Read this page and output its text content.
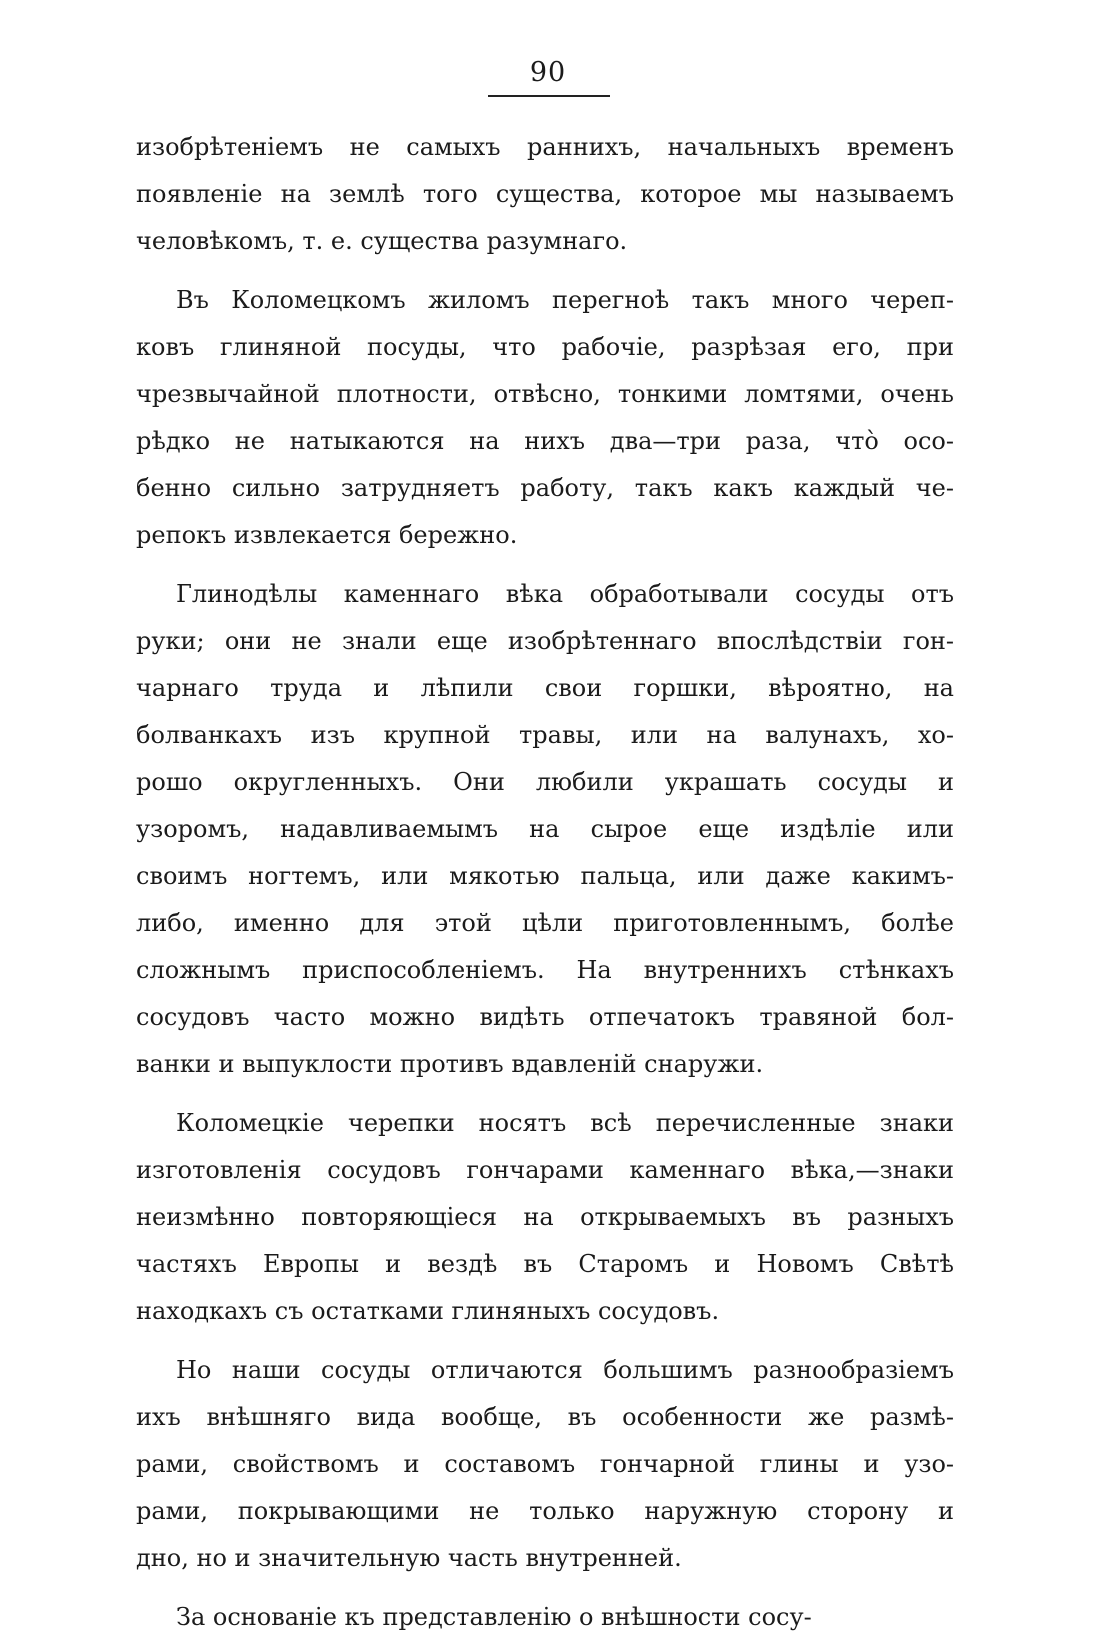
90
изобрѣтеніемъ не самыхъ раннихъ, начальныхъ временъ
появленіе на землѣ того существа, которое мы называемъ
человѣкомъ, т. е. существа разумнаго.
Въ Коломецкомъ жиломъ перегноѣ такъ много череп-
ковъ глиняной посуды, что рабочіе, разрѣзая его, при
чрезвычайной плотности, отвѣсно, тонкими ломтями, очень
рѣдко не натыкаются на нихъ два—три раза, что̀ осо-
бенно сильно затрудняетъ работу, такъ какъ каждый че-
репокъ извлекается бережно.
Глинодѣлы каменнаго вѣка обработывали сосуды отъ
руки; они не знали еще изобрѣтеннаго впослѣдствіи гон-
чарнаго труда и лѣпили свои горшки, вѣроятно, на
болванкахъ изъ крупной травы, или на валунахъ, хо-
рошо округленныхъ. Они любили украшать сосуды и
узоромъ, надавливаемымъ на сырое еще издѣліе или
своимъ ногтемъ, или мякотью пальца, или даже какимъ-
либо, именно для этой цѣли приготовленнымъ, болѣе
сложнымъ приспособленіемъ. На внутреннихъ стѣнкахъ
сосудовъ часто можно видѣть отпечатокъ травяной бол-
ванки и выпуклости противъ вдавленій снаружи.
Коломецкіе черепки носятъ всѣ перечисленные знаки
изготовленія сосудовъ гончарами каменнаго вѣка,—знаки
неизмѣнно повторяющіеся на открываемыхъ въ разныхъ
частяхъ Европы и вездѣ въ Старомъ и Новомъ Свѣтѣ
находкахъ съ остатками глиняныхъ сосудовъ.
Но наши сосуды отличаются большимъ разнообразіемъ
ихъ внѣшняго вида вообще, въ особенности же размѣ-
рами, свойствомъ и составомъ гончарной глины и узо-
рами, покрывающими не только наружную сторону и
дно, но и значительную часть внутренней.
За основаніе къ представленію о внѣшности сосу-
